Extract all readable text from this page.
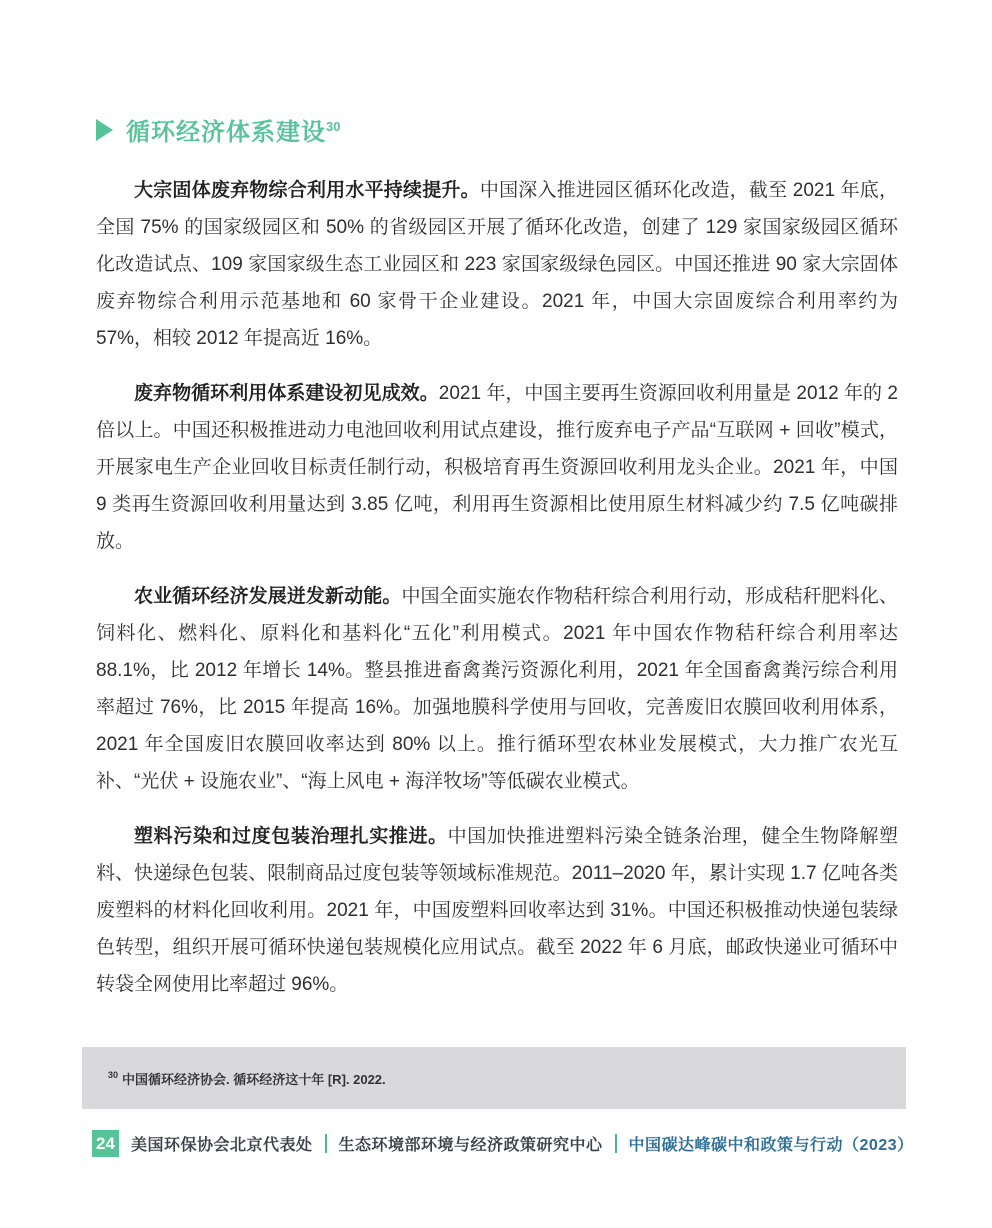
循环经济体系建设$^{30}$

大宗固体废弃物综合利用水平持续提升。中国深入推进园区循环化改造，截至 2021 年底，全国 75% 的国家级园区和 50% 的省级园区开展了循环化改造，创建了 129 家国家级园区循环化改造试点、109 家国家级生态工业园区和 223 家国家级绿色园区。中国还推进 90 家大宗固体废弃物综合利用示范基地和 60 家骨干企业建设。2021 年，中国大宗固废综合利用率约为 57%，相较 2012 年提高近 16%。

废弃物循环利用体系建设初见成效。2021 年，中国主要再生资源回收利用量是 2012 年的 2 倍以上。中国还积极推进动力电池回收利用试点建设，推行废弃电子产品“互联网 + 回收”模式，开展家电生产企业回收目标责任制行动，积极培育再生资源回收利用龙头企业。2021 年，中国 9 类再生资源回收利用量达到 3.85 亿吨，利用再生资源相比使用原生材料减少约 7.5 亿吨碳排放。

农业循环经济发展迸发新动能。中国全面实施农作物秸秆综合利用行动，形成秸秆肥料化、饲料化、燃料化、原料化和基料化“五化”利用模式。2021 年中国农作物秸秆综合利用率达 88.1%，比 2012 年增长 14%。整县推进畜禽粪污资源化利用，2021 年全国畜禽粪污综合利用率超过 76%，比 2015 年提高 16%。加强地膜科学使用与回收，完善废旧农膜回收利用体系，2021 年全国废旧农膜回收率达到 80% 以上。推行循环型农林业发展模式，大力推广农光互补、“光伏 + 设施农业”、“海上风电 + 海洋牧场”等低碳农业模式。

塑料污染和过度包装治理扎实推进。中国加快推进塑料污染全链条治理，健全生物降解塑料、快递绿色包装、限制商品过度包装等领域标准规范。2011–2020 年，累计实现 1.7 亿吨各类废塑料的材料化回收利用。2021 年，中国废塑料回收率达到 31%。中国还积极推动快递包装绿色转型，组织开展可循环快递包装规模化应用试点。截至 2022 年 6 月底，邮政快递业可循环中转袋全网使用比率超过 96%。

$^{30}$ 中国循环经济协会. 循环经济这十年 [R]. 2022.

24 美国环保协会北京代表处 生态环境部环境与经济政策研究中心 中国碳达峰碳中和政策与行动（2023）
